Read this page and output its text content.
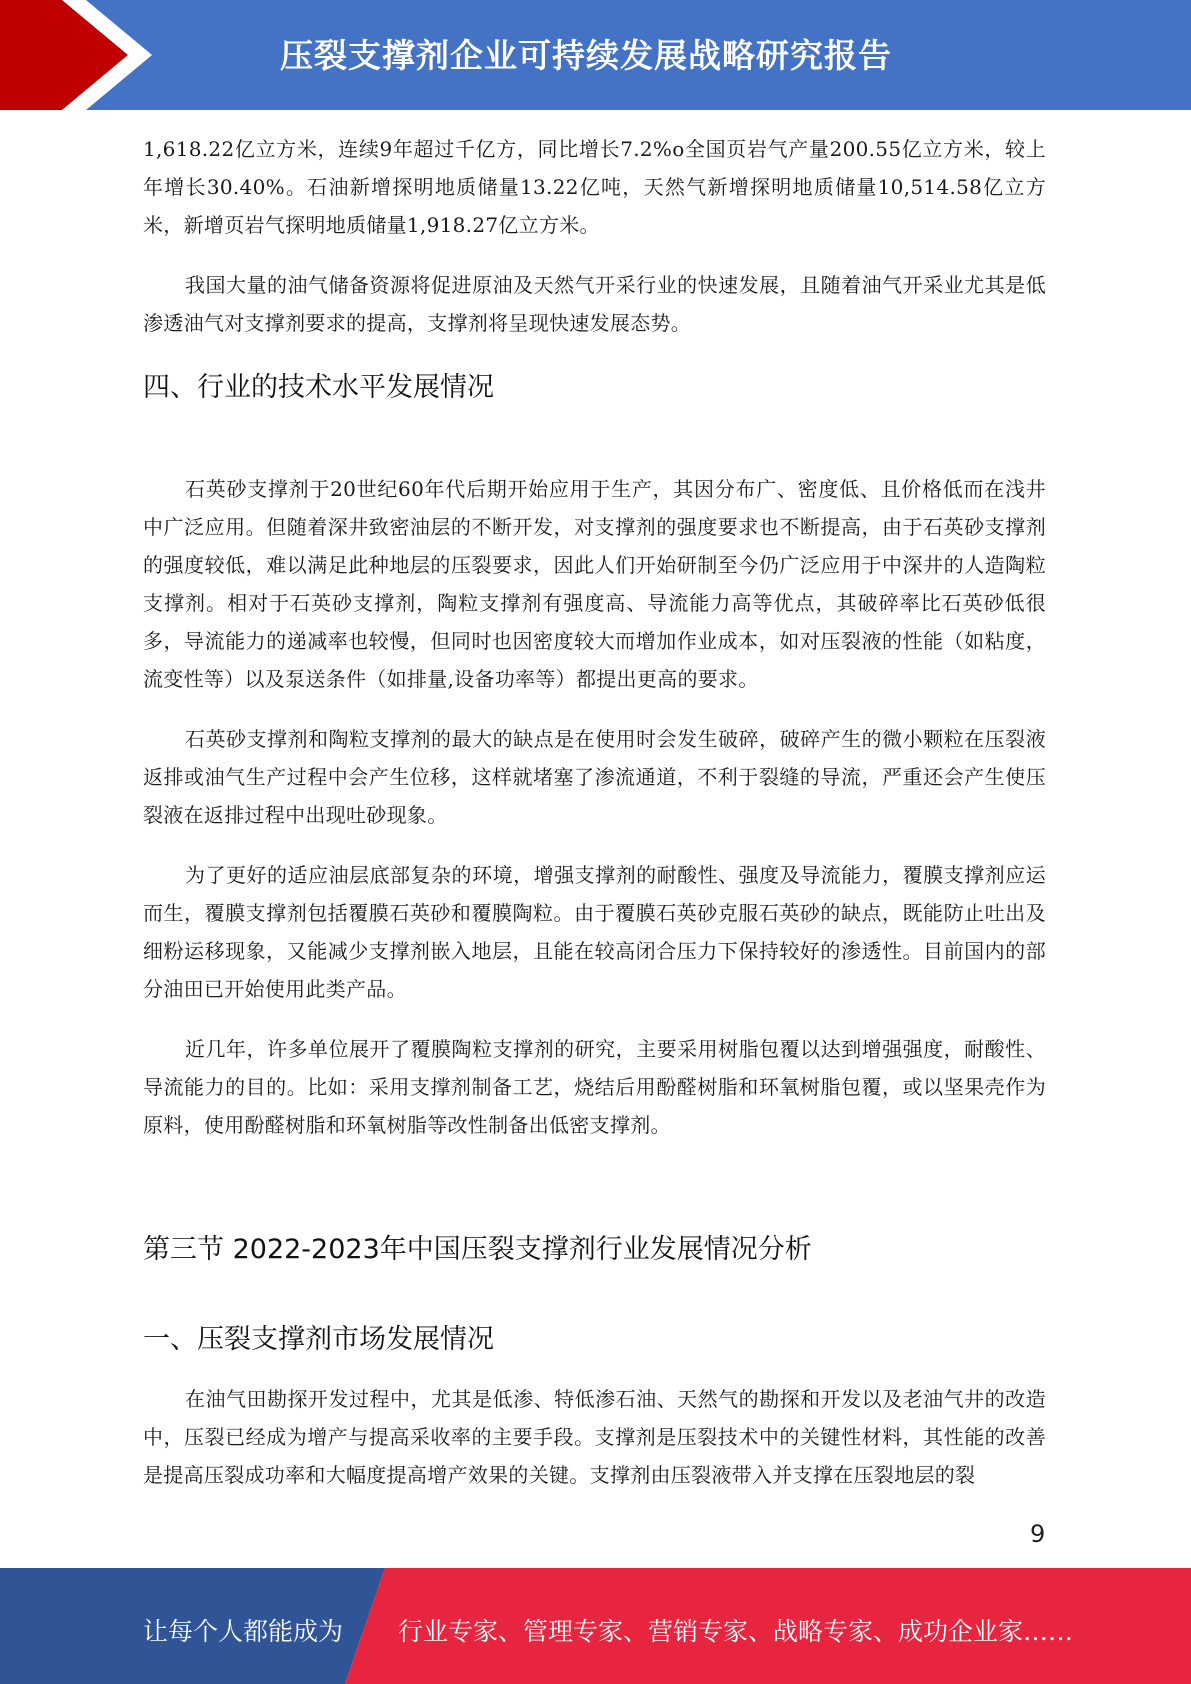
压裂支撑剂企业可持续发展战略研究报告

1,618.22亿立方米，连续9年超过千亿方，同比增长7.2%o全国页岩气产量200.55亿立方米，较上年增长30.40%。石油新增探明地质储量13.22亿吨，天然气新增探明地质储量10,514.58亿立方米，新增页岩气探明地质储量1,918.27亿立方米。

我国大量的油气储备资源将促进原油及天然气开采行业的快速发展，且随着油气开采业尤其是低渗透油气对支撑剂要求的提高，支撑剂将呈现快速发展态势。

四、行业的技术水平发展情况

石英砂支撑剂于20世纪60年代后期开始应用于生产，其因分布广、密度低、且价格低而在浅井中广泛应用。但随着深井致密油层的不断开发，对支撑剂的强度要求也不断提高，由于石英砂支撑剂的强度较低，难以满足此种地层的压裂要求，因此人们开始研制至今仍广泛应用于中深井的人造陶粒支撑剂。相对于石英砂支撑剂，陶粒支撑剂有强度高、导流能力高等优点，其破碎率比石英砂低很多，导流能力的递减率也较慢，但同时也因密度较大而增加作业成本，如对压裂液的性能（如粘度，流变性等）以及泵送条件（如排量,设备功率等）都提出更高的要求。

石英砂支撑剂和陶粒支撑剂的最大的缺点是在使用时会发生破碎，破碎产生的微小颗粒在压裂液返排或油气生产过程中会产生位移，这样就堵塞了渗流通道，不利于裂缝的导流，严重还会产生使压裂液在返排过程中出现吐砂现象。

为了更好的适应油层底部复杂的环境，增强支撑剂的耐酸性、强度及导流能力，覆膜支撑剂应运而生，覆膜支撑剂包括覆膜石英砂和覆膜陶粒。由于覆膜石英砂克服石英砂的缺点，既能防止吐出及细粉运移现象，又能减少支撑剂嵌入地层，且能在较高闭合压力下保持较好的渗透性。目前国内的部分油田已开始使用此类产品。

近几年，许多单位展开了覆膜陶粒支撑剂的研究，主要采用树脂包覆以达到增强强度，耐酸性、导流能力的目的。比如：采用支撑剂制备工艺，烧结后用酚醛树脂和环氧树脂包覆，或以坚果壳作为原料，使用酚醛树脂和环氧树脂等改性制备出低密支撑剂。

第三节 2022-2023年中国压裂支撑剂行业发展情况分析
一、压裂支撑剂市场发展情况

在油气田勘探开发过程中，尤其是低渗、特低渗石油、天然气的勘探和开发以及老油气井的改造中，压裂已经成为增产与提高采收率的主要手段。支撑剂是压裂技术中的关键性材料，其性能的改善是提高压裂成功率和大幅度提高增产效果的关键。支撑剂由压裂液带入并支撑在压裂地层的裂

9
让每个人都能成为 行业专家、管理专家、营销专家、战略专家、成功企业家……
